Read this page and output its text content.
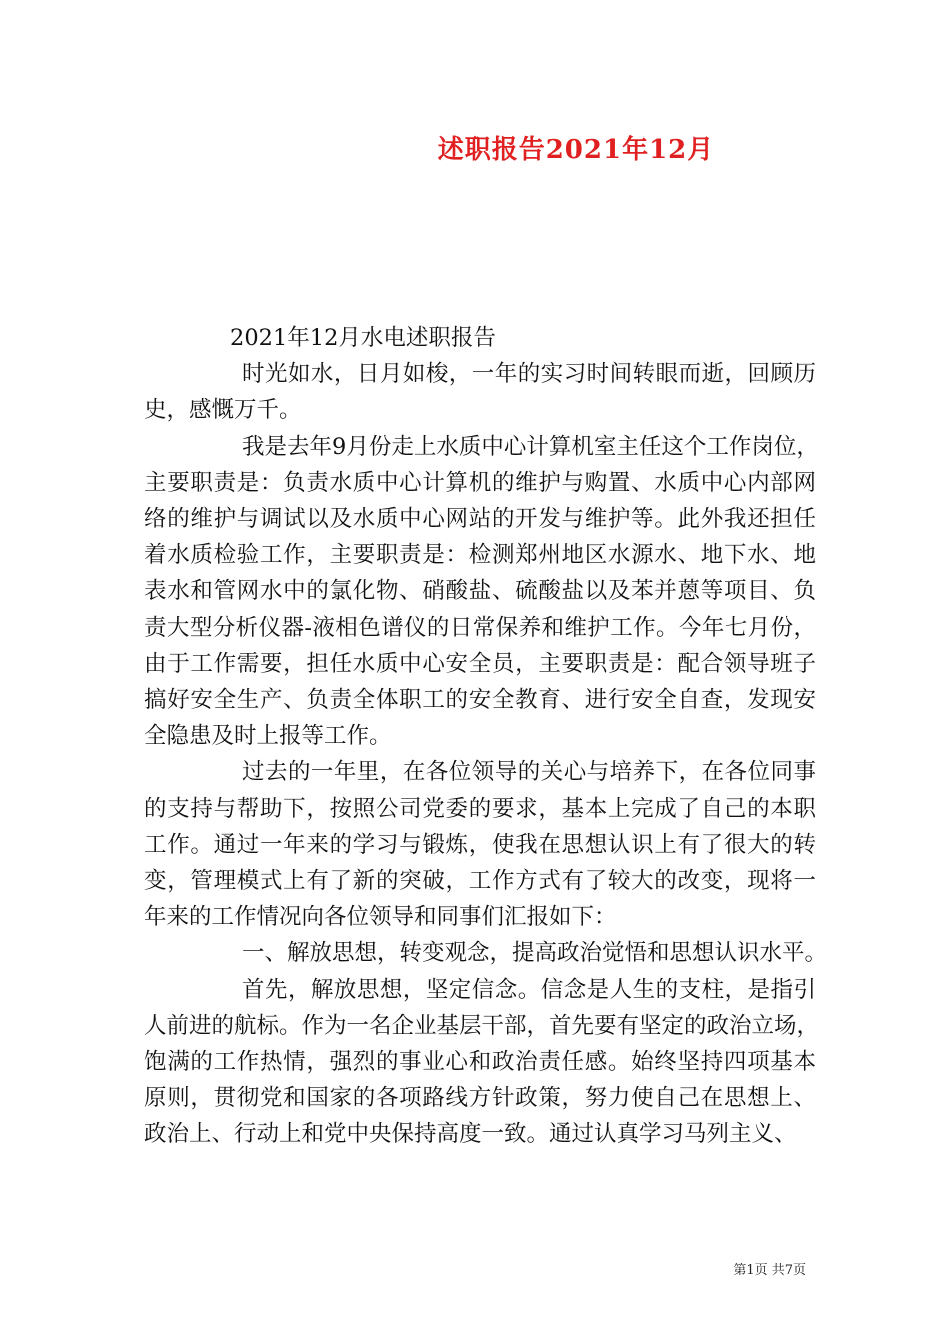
述职报告2021年12月

2021年12月水电述职报告

时光如水，日月如梭，一年的实习时间转眼而逝，回顾历
史，感慨万千。

我是去年9月份走上水质中心计算机室主任这个工作岗位，
主要职责是：负责水质中心计算机的维护与购置、水质中心内部网
络的维护与调试以及水质中心网站的开发与维护等。此外我还担任
着水质检验工作，主要职责是：检测郑州地区水源水、地下水、地
表水和管网水中的氯化物、硝酸盐、硫酸盐以及苯并蒽等项目、负
责大型分析仪器-液相色谱仪的日常保养和维护工作。今年七月份，
由于工作需要，担任水质中心安全员，主要职责是：配合领导班子
搞好安全生产、负责全体职工的安全教育、进行安全自查，发现安
全隐患及时上报等工作。

过去的一年里，在各位领导的关心与培养下，在各位同事
的支持与帮助下，按照公司党委的要求，基本上完成了自己的本职
工作。通过一年来的学习与锻炼，使我在思想认识上有了很大的转
变，管理模式上有了新的突破，工作方式有了较大的改变，现将一
年来的工作情况向各位领导和同事们汇报如下：

一、解放思想，转变观念，提高政治觉悟和思想认识水平。

首先，解放思想，坚定信念。信念是人生的支柱，是指引
人前进的航标。作为一名企业基层干部，首先要有坚定的政治立场，
饱满的工作热情，强烈的事业心和政治责任感。始终坚持四项基本
原则，贯彻党和国家的各项路线方针政策，努力使自己在思想上、
政治上、行动上和党中央保持高度一致。通过认真学习马列主义、

第1页 共7页
